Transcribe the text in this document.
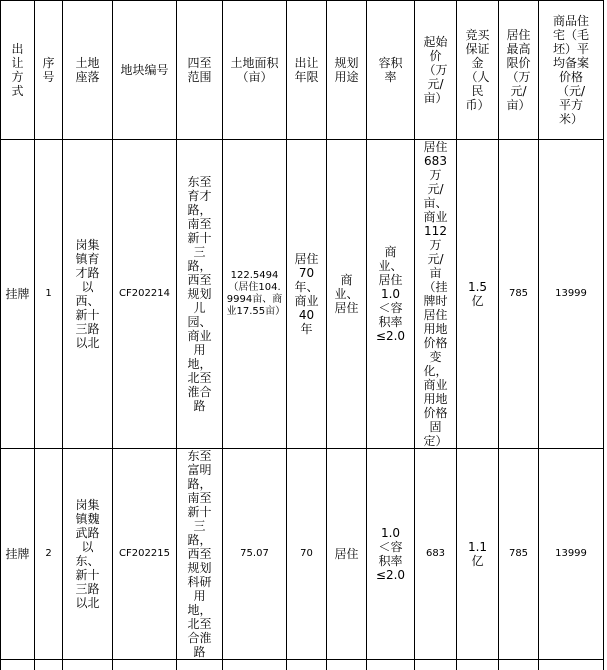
出让方式	序号	土地座落	地块编号	四至范围	土地面积（亩）	出让年限	规划用途	容积率	起始价（万元/亩）	竞买保证金（人民币）	居住最高限价（万元/亩）	商品住宅（毛坯）平均备案价格（元/平方米）
挂牌	1	岗集镇育才路以西、新十三路以北	CF202214	东至育才路，南至新十三路，西至规划儿园、商业用地，北至淮合路	122.5494（居住104.9994亩、商业17.55亩）	居住70年、商业40年	商业、居住	商业、居住1.0＜容积率≤2.0	居住683万元/亩、商业112万元/亩（挂牌时居住用地价格变化，商业用地价格固定）	1.5亿	785	13999
挂牌	2	岗集镇魏武路以东、新十三路以北	CF202215	东至富明路，南至新十三路，西至规划科研用地，北至合淮路	75.07	70	居住	1.0＜容积率≤2.0	683	1.1亿	785	13999
